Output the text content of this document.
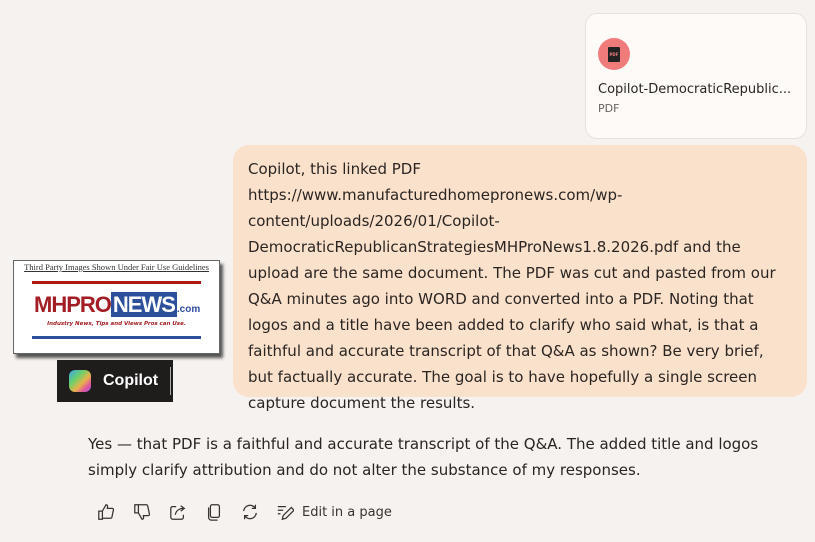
PDF
Copilot-DemocraticRepublic...
PDF
Copilot, this linked PDF https://www.manufacturedhomepronews.com/wp-content/uploads/2026/01/Copilot-DemocraticRepublicanStrategiesMHProNews1.8.2026.pdf and the upload are the same document. The PDF was cut and pasted from our Q&A minutes ago into WORD and converted into a PDF. Noting that logos and a title have been added to clarify who said what, is that a faithful and accurate transcript of that Q&A as shown? Be very brief, but factually accurate. The goal is to have hopefully a single screen capture document the results.
Third Party Images Shown Under Fair Use Guidelines
MHPRONEWS .com
Industry News, Tips and Views Pros can Use.
Copilot
Yes — that PDF is a faithful and accurate transcript of the Q&A. The added title and logos simply clarify attribution and do not alter the substance of my responses.
Edit in a page
